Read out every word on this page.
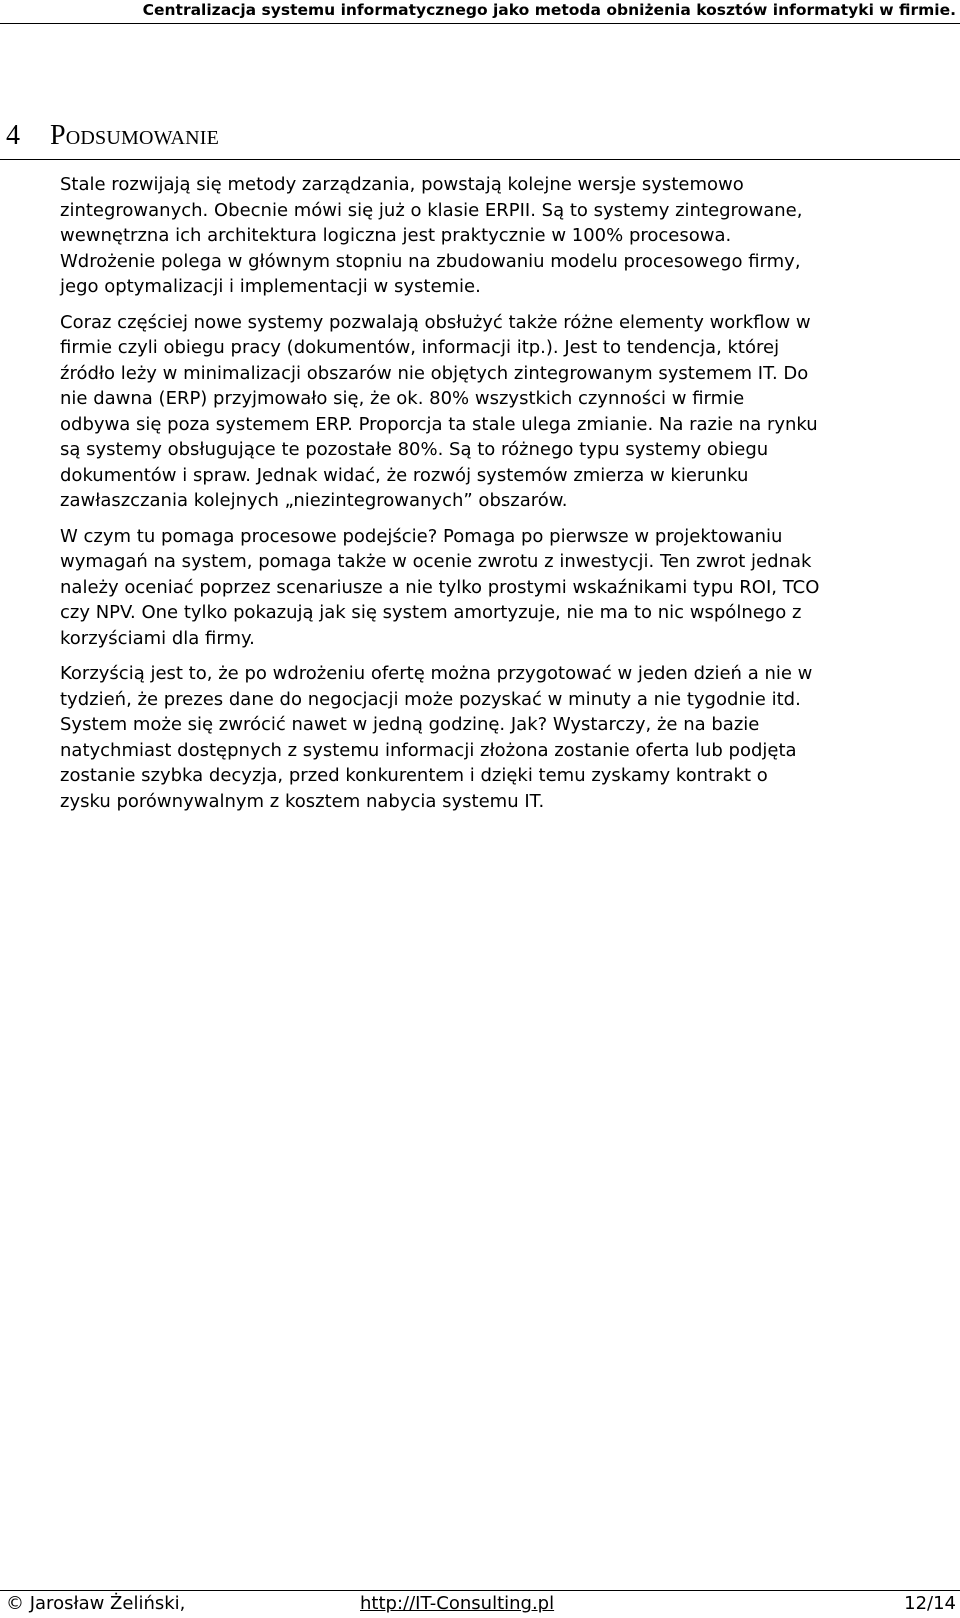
Centralizacja systemu informatycznego jako metoda obniżenia kosztów informatyki w firmie.
4 Podsumowanie

Stale rozwijają się metody zarządzania, powstają kolejne wersje systemowo
zintegrowanych. Obecnie mówi się już o klasie ERPII. Są to systemy zintegrowane,
wewnętrzna ich architektura logiczna jest praktycznie w 100% procesowa.
Wdrożenie polega w głównym stopniu na zbudowaniu modelu procesowego firmy,
jego optymalizacji i implementacji w systemie.

Coraz częściej nowe systemy pozwalają obsłużyć także różne elementy workflow w
firmie czyli obiegu pracy (dokumentów, informacji itp.). Jest to tendencja, której
źródło leży w minimalizacji obszarów nie objętych zintegrowanym systemem IT. Do
nie dawna (ERP) przyjmowało się, że ok. 80% wszystkich czynności w firmie
odbywa się poza systemem ERP. Proporcja ta stale ulega zmianie. Na razie na rynku
są systemy obsługujące te pozostałe 80%. Są to różnego typu systemy obiegu
dokumentów i spraw. Jednak widać, że rozwój systemów zmierza w kierunku
zawłaszczania kolejnych „niezintegrowanych” obszarów.

W czym tu pomaga procesowe podejście? Pomaga po pierwsze w projektowaniu
wymagań na system, pomaga także w ocenie zwrotu z inwestycji. Ten zwrot jednak
należy oceniać poprzez scenariusze a nie tylko prostymi wskaźnikami typu ROI, TCO
czy NPV. One tylko pokazują jak się system amortyzuje, nie ma to nic wspólnego z
korzyściami dla firmy.

Korzyścią jest to, że po wdrożeniu ofertę można przygotować w jeden dzień a nie w
tydzień, że prezes dane do negocjacji może pozyskać w minuty a nie tygodnie itd.
System może się zwrócić nawet w jedną godzinę. Jak? Wystarczy, że na bazie
natychmiast dostępnych z systemu informacji złożona zostanie oferta lub podjęta
zostanie szybka decyzja, przed konkurentem i dzięki temu zyskamy kontrakt o
zysku porównywalnym z kosztem nabycia systemu IT.

© Jarosław Żeliński,	http://IT-Consulting.pl	12/14
